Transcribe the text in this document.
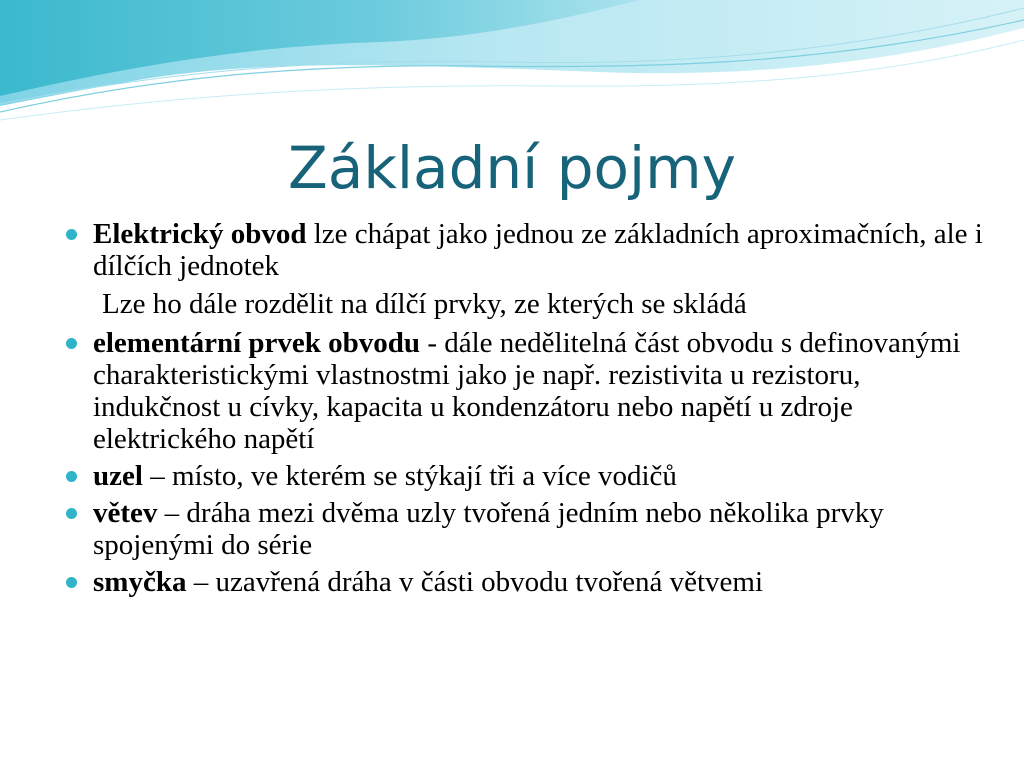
Základní pojmy
Elektrický obvod lze chápat jako jednou ze základních aproximačních, ale i dílčích jednotek
Lze ho dále rozdělit na dílčí prvky, ze kterých se skládá
elementární prvek obvodu - dále nedělitelná část obvodu s definovanými charakteristickými vlastnostmi jako je např. rezistivita u rezistoru, indukčnost u cívky, kapacita u kondenzátoru nebo napětí u zdroje elektrického napětí
uzel – místo, ve kterém se stýkají tři a více vodičů
větev – dráha mezi dvěma uzly tvořená jedním nebo několika prvky spojenými do série
smyčka – uzavřená dráha v části obvodu tvořená větvemi
